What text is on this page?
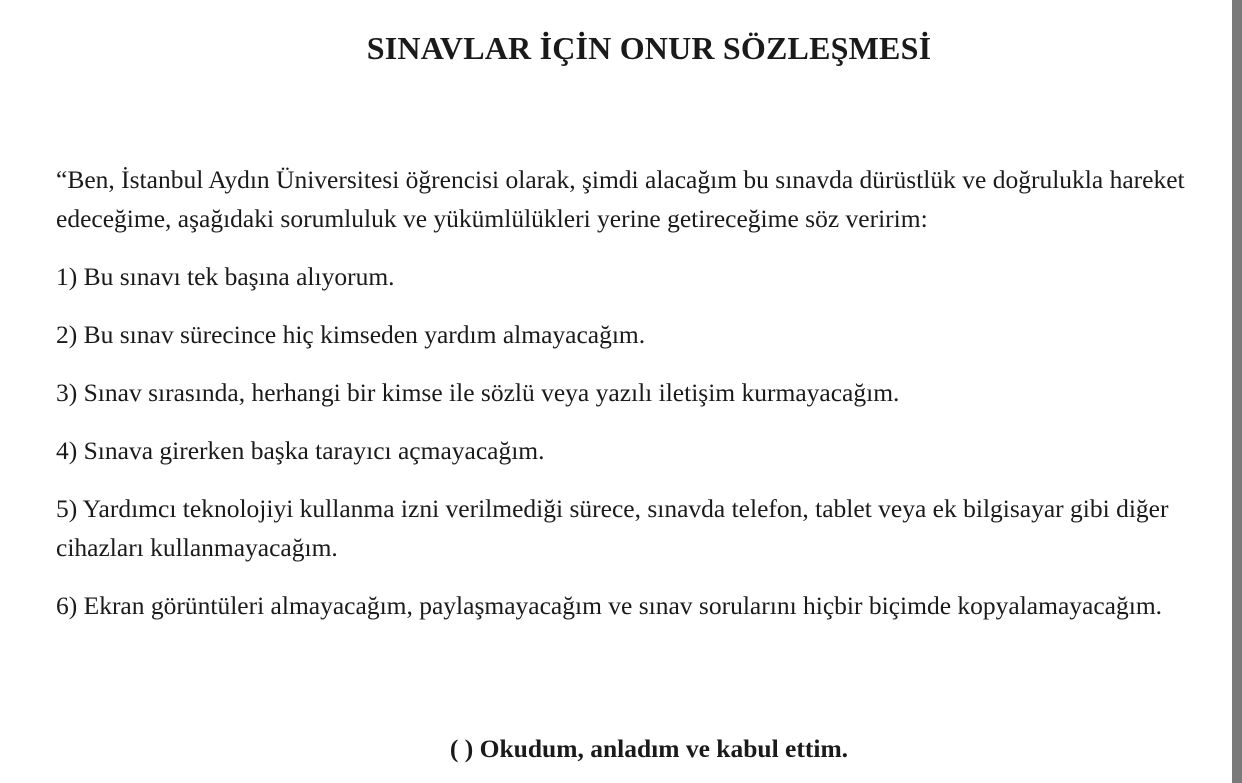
SINAVLAR İÇİN ONUR SÖZLEŞMESİ

“Ben, İstanbul Aydın Üniversitesi öğrencisi olarak, şimdi alacağım bu sınavda dürüstlük ve doğrulukla hareket edeceğime, aşağıdaki sorumluluk ve yükümlülükleri yerine getireceğime söz veririm:

1) Bu sınavı tek başına alıyorum.

2) Bu sınav sürecince hiç kimseden yardım almayacağım.

3) Sınav sırasında, herhangi bir kimse ile sözlü veya yazılı iletişim kurmayacağım.

4) Sınava girerken başka tarayıcı açmayacağım.

5) Yardımcı teknolojiyi kullanma izni verilmediği sürece, sınavda telefon, tablet veya ek bilgisayar gibi diğer cihazları kullanmayacağım.

6) Ekran görüntüleri almayacağım, paylaşmayacağım ve sınav sorularını hiçbir biçimde kopyalamayacağım.

( ) Okudum, anladım ve kabul ettim.
